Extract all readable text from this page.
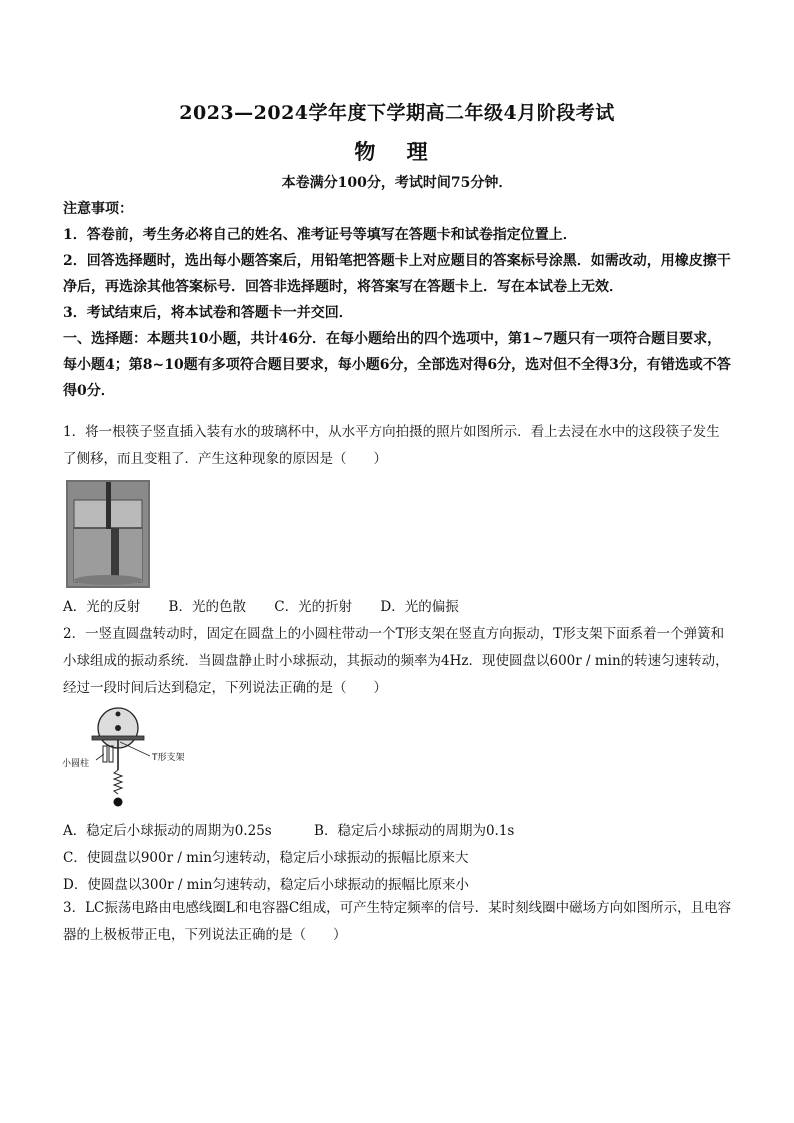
2023—2024学年度下学期高二年级4月阶段考试
物 理
本卷满分100分，考试时间75分钟．
注意事项：
1．答卷前，考生务必将自己的姓名、准考证号等填写在答题卡和试卷指定位置上．
2．回答选择题时，选出每小题答案后，用铅笔把答题卡上对应题目的答案标号涂黑．如需改动，用橡皮擦干净后，再选涂其他答案标号．回答非选择题时，将答案写在答题卡上．写在本试卷上无效．
3．考试结束后，将本试卷和答题卡一并交回．
一、选择题：本题共10小题，共计46分．在每小题给出的四个选项中，第1~7题只有一项符合题目要求，每小题4；第8~10题有多项符合题目要求，每小题6分，全部选对得6分，选对但不全得3分，有错选或不答得0分．
1．将一根筷子竖直插入装有水的玻璃杯中，从水平方向拍摄的照片如图所示．看上去浸在水中的这段筷子发生了侧移，而且变粗了．产生这种现象的原因是（　　）
A．光的反射 B．光的色散 C．光的折射 D．光的偏振
2．一竖直圆盘转动时，固定在圆盘上的小圆柱带动一个T形支架在竖直方向振动，T形支架下面系着一个弹簧和小球组成的振动系统．当圆盘静止时小球振动，其振动的频率为4Hz．现使圆盘以600r / min的转速匀速转动，经过一段时间后达到稳定，下列说法正确的是（　　）
小圆柱
T形支架
A．稳定后小球振动的周期为0.25s	B．稳定后小球振动的周期为0.1s
C．使圆盘以900r / min匀速转动，稳定后小球振动的振幅比原来大
D．使圆盘以300r / min匀速转动，稳定后小球振动的振幅比原来小
3．LC振荡电路由电感线圈L和电容器C组成，可产生特定频率的信号．某时刻线圈中磁场方向如图所示，且电容器的上极板带正电，下列说法正确的是（　　）
